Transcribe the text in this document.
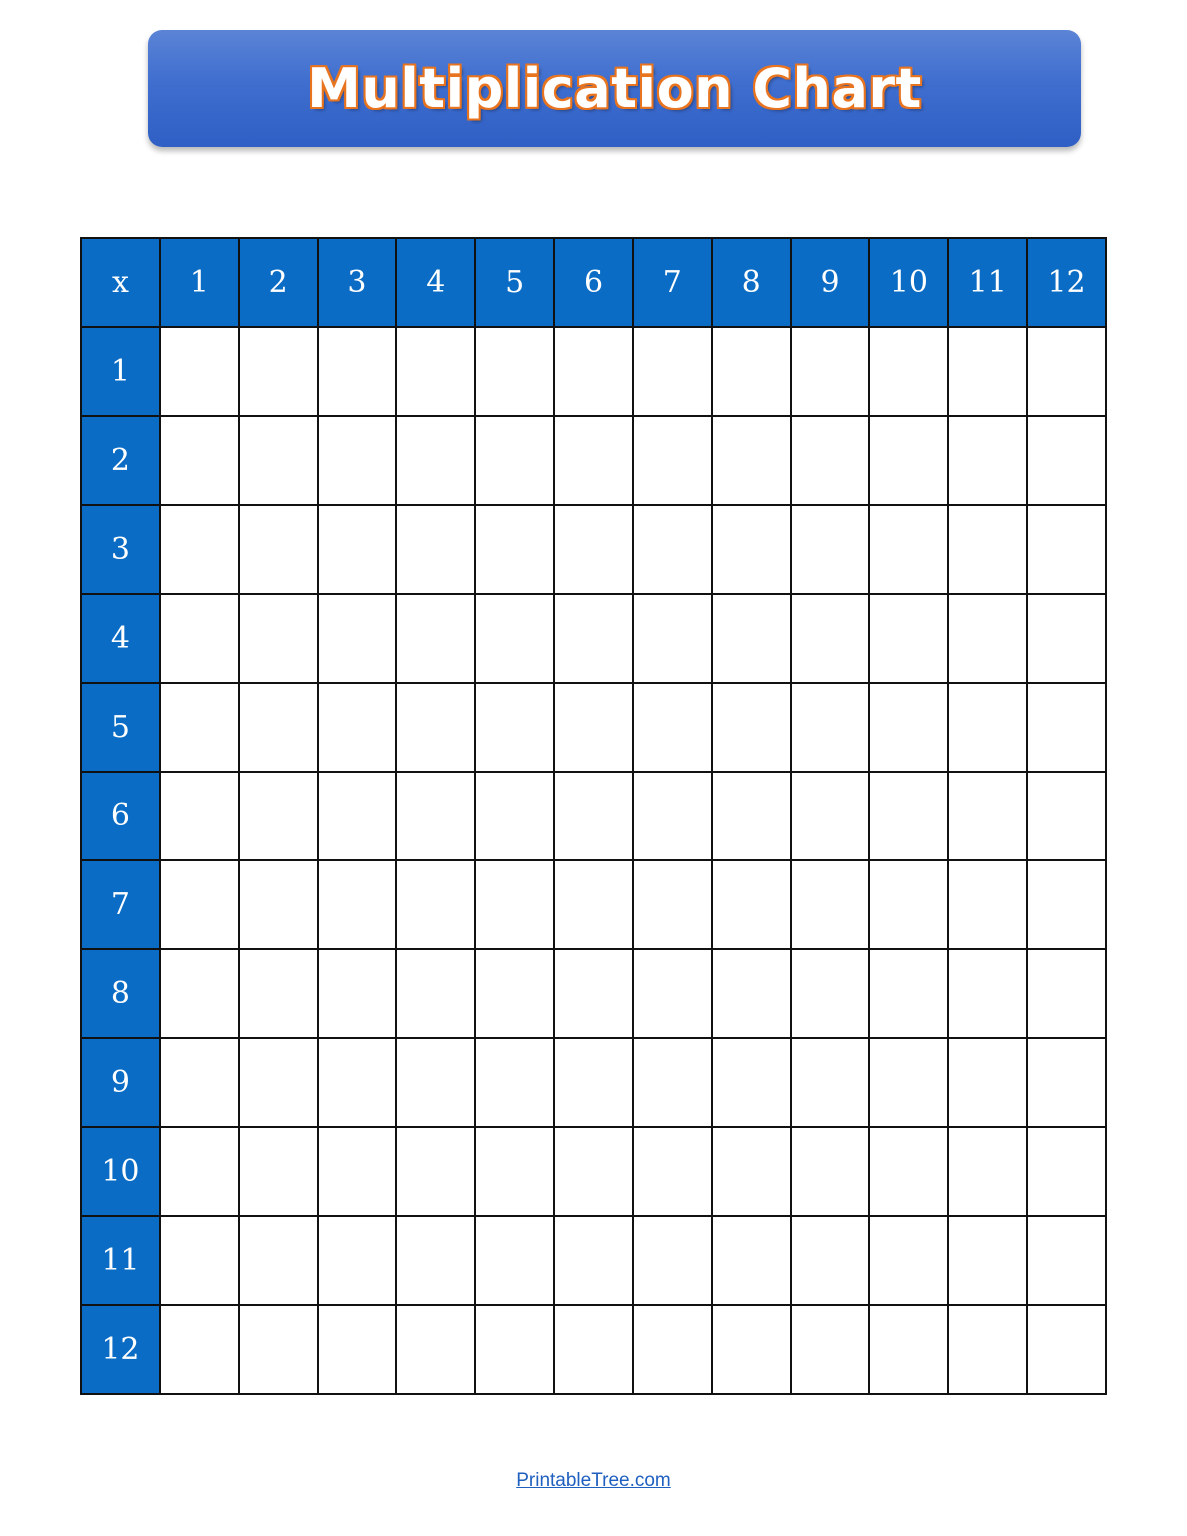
Multiplication Chart
x	1	2	3	4	5	6	7	8	9	10	11	12
1
2
3
4
5
6
7
8
9
10
11
12
PrintableTree.com
